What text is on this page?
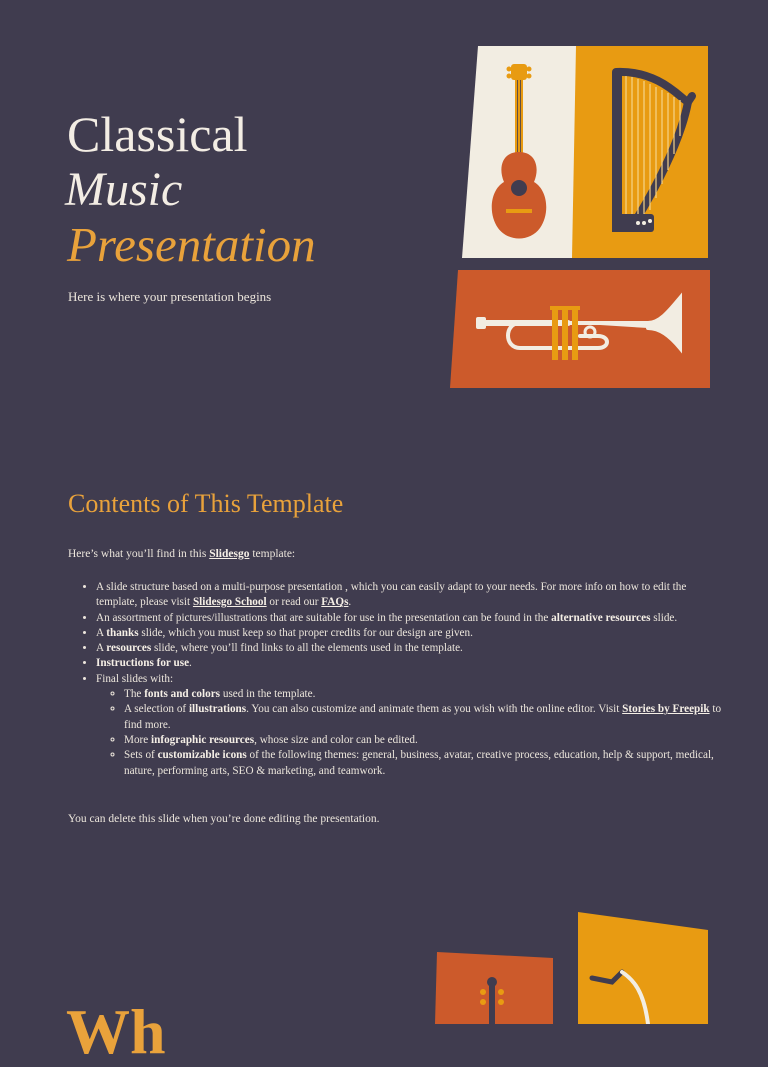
Classical
Music
Presentation
Here is where your presentation begins
Contents of This Template
Here’s what you’ll find in this Slidesgo template:
• A slide structure based on a multi-purpose presentation , which you can easily adapt to your needs. For more info on how to edit the template, please visit Slidesgo School or read our FAQs.
• An assortment of pictures/illustrations that are suitable for use in the presentation can be found in the alternative resources slide.
• A thanks slide, which you must keep so that proper credits for our design are given.
• A resources slide, where you’ll find links to all the elements used in the template.
• Instructions for use.
• Final slides with:
◦ The fonts and colors used in the template.
◦ A selection of illustrations. You can also customize and animate them as you wish with the online editor. Visit Stories by Freepik to find more.
◦ More infographic resources, whose size and color can be edited.
◦ Sets of customizable icons of the following themes: general, business, avatar, creative process, education, help & support, medical, nature, performing arts, SEO & marketing, and teamwork.
You can delete this slide when you’re done editing the presentation.
Wh
